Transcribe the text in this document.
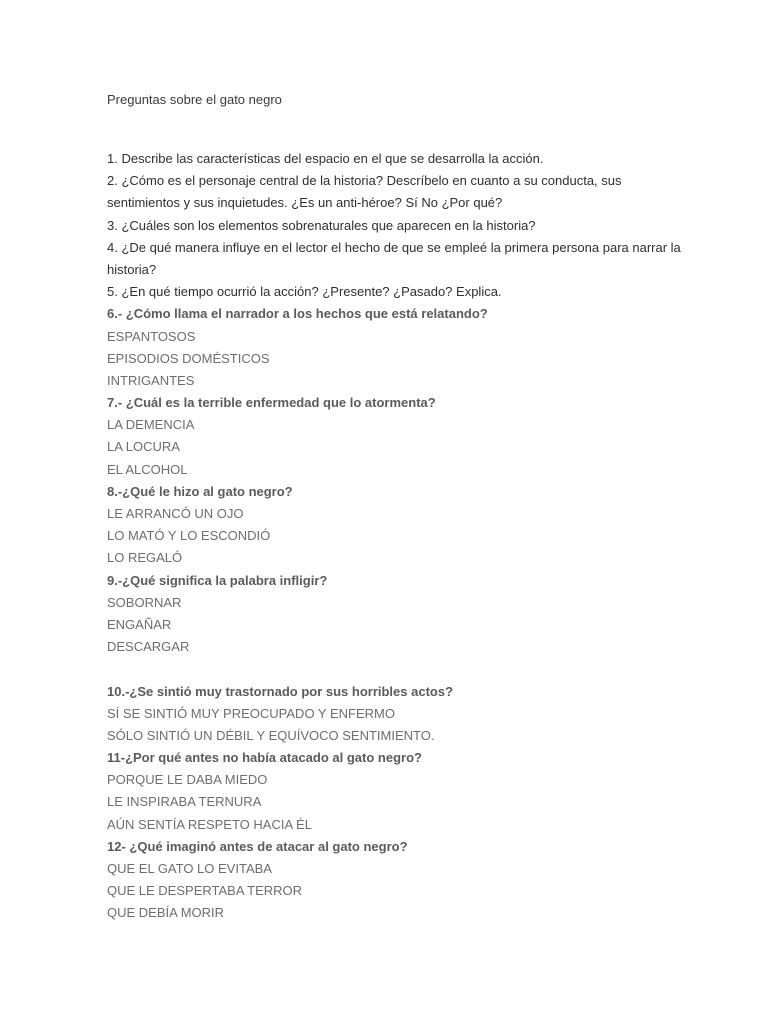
Preguntas sobre el gato negro
1. Describe las características del espacio en el que se desarrolla la acción.
2. ¿Cómo es el personaje central de la historia? Descríbelo en cuanto a su conducta, sus
sentimientos y sus inquietudes. ¿Es un anti-héroe? Sí No ¿Por qué?
3. ¿Cuáles son los elementos sobrenaturales que aparecen en la historia?
4. ¿De qué manera influye en el lector el hecho de que se empleé la primera persona para narrar la
historia?
5. ¿En qué tiempo ocurrió la acción? ¿Presente? ¿Pasado? Explica.
6.- ¿Cómo llama el narrador a los hechos que está relatando?
ESPANTOSOS
EPISODIOS DOMÉSTICOS
INTRIGANTES
7.- ¿Cuál es la terrible enfermedad que lo atormenta?
LA DEMENCIA
LA LOCURA
EL ALCOHOL
8.-¿Qué le hizo al gato negro?
LE ARRANCÓ UN OJO
LO MATÓ Y LO ESCONDIÓ
LO REGALÓ
9.-¿Qué significa la palabra infligir?
SOBORNAR
ENGAÑAR
DESCARGAR
10.-¿Se sintió muy trastornado por sus horribles actos?
SÍ SE SINTIÓ MUY PREOCUPADO Y ENFERMO
SÓLO SINTIÓ UN DÉBIL Y EQUÍVOCO SENTIMIENTO.
11-¿Por qué antes no había atacado al gato negro?
PORQUE LE DABA MIEDO
LE INSPIRABA TERNURA
AÚN SENTÍA RESPETO HACIA ÉL
12- ¿Qué imaginó antes de atacar al gato negro?
QUE EL GATO LO EVITABA
QUE LE DESPERTABA TERROR
QUE DEBÍA MORIR
